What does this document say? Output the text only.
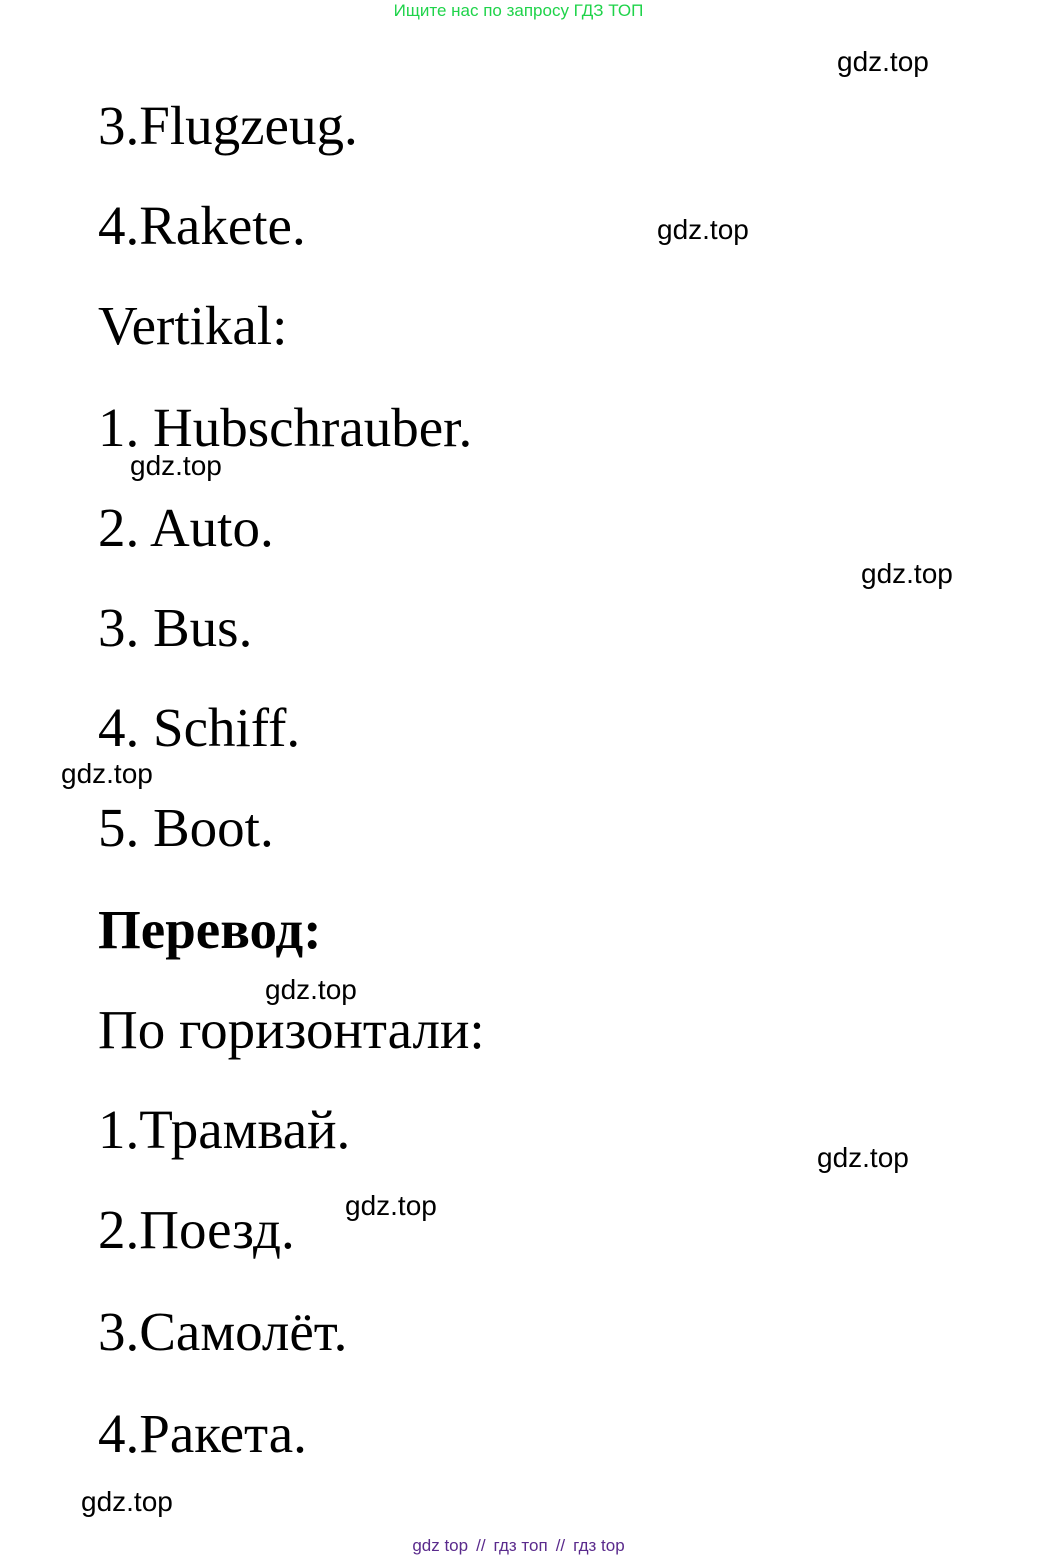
Ищите нас по запросу ГДЗ ТОП
3.Flugzeug.
4.Rakete.
Vertikal:
1. Hubschrauber.
2. Auto.
3. Bus.
4. Schiff.
5. Boot.
Перевод:
По горизонтали:
1.Трамвай.
2.Поезд.
3.Самолёт.
4.Ракета.
gdz.top
gdz.top
gdz.top
gdz.top
gdz.top
gdz.top
gdz.top
gdz.top
gdz.top
gdz top // гдз топ // гдз top
